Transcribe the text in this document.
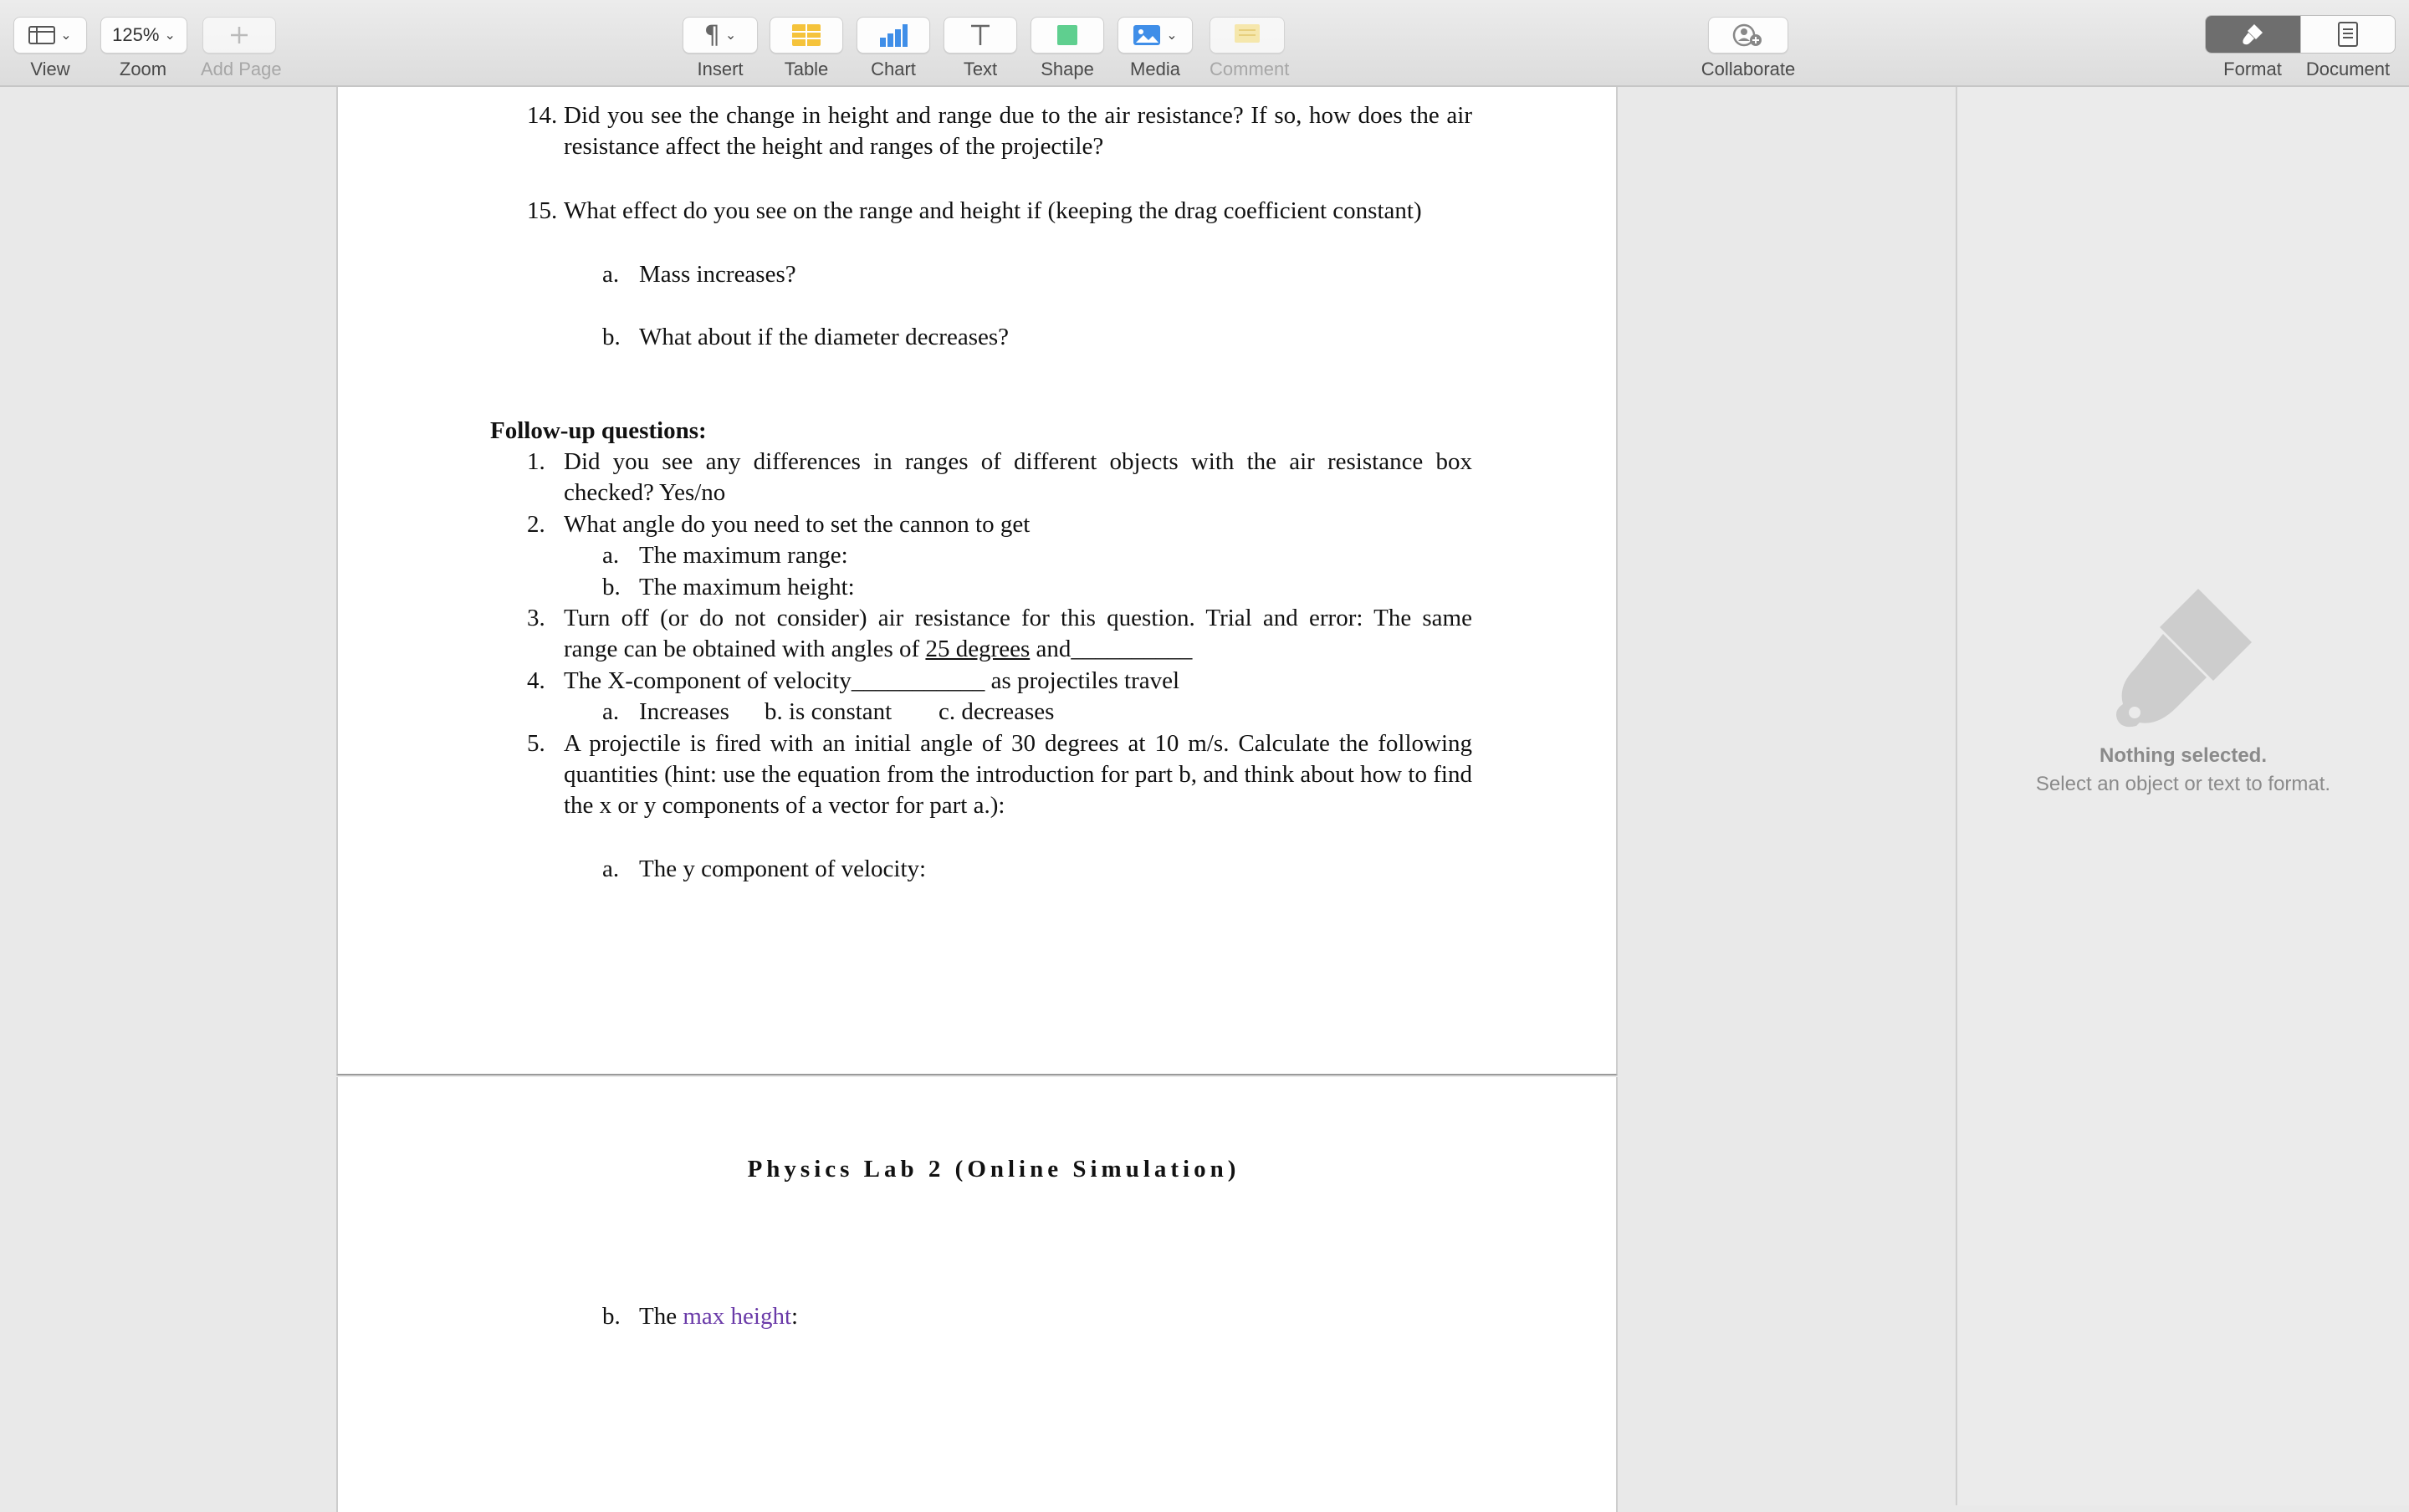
⌄
View
125% ⌄
Zoom	Add Page
¶ ⌄
Insert	Table	Chart	Text	Shape
⌄
Media	Comment	Collaborate	Format	Document
14. Did you see the change in height and range due to the air resistance? If so, how does the air resistance affect the height and ranges of the projectile?
15. What effect do you see on the range and height if (keeping the drag coefficient constant)
a. Mass increases?
b. What about if the diameter decreases?
Follow-up questions:
1. Did you see any differences in ranges of different objects with the air resistance box checked? Yes/no
2. What angle do you need to set the cannon to get
a. The maximum range:
b. The maximum height:
3. Turn off (or do not consider) air resistance for this question. Trial and error: The same
range can be obtained with angles of 25 degrees and__________
4. The X-component of velocity___________ as projectiles travel
a. Increases b. is constant c. decreases
5. A projectile is fired with an initial angle of 30 degrees at 10 m/s. Calculate the following quantities (hint: use the equation from the introduction for part b, and think about how to find the x or y components of a vector for part a.):
a. The y component of velocity:
Physics Lab 2 (Online Simulation)
b. The max height:
Nothing selected.
Select an object or text to format.
